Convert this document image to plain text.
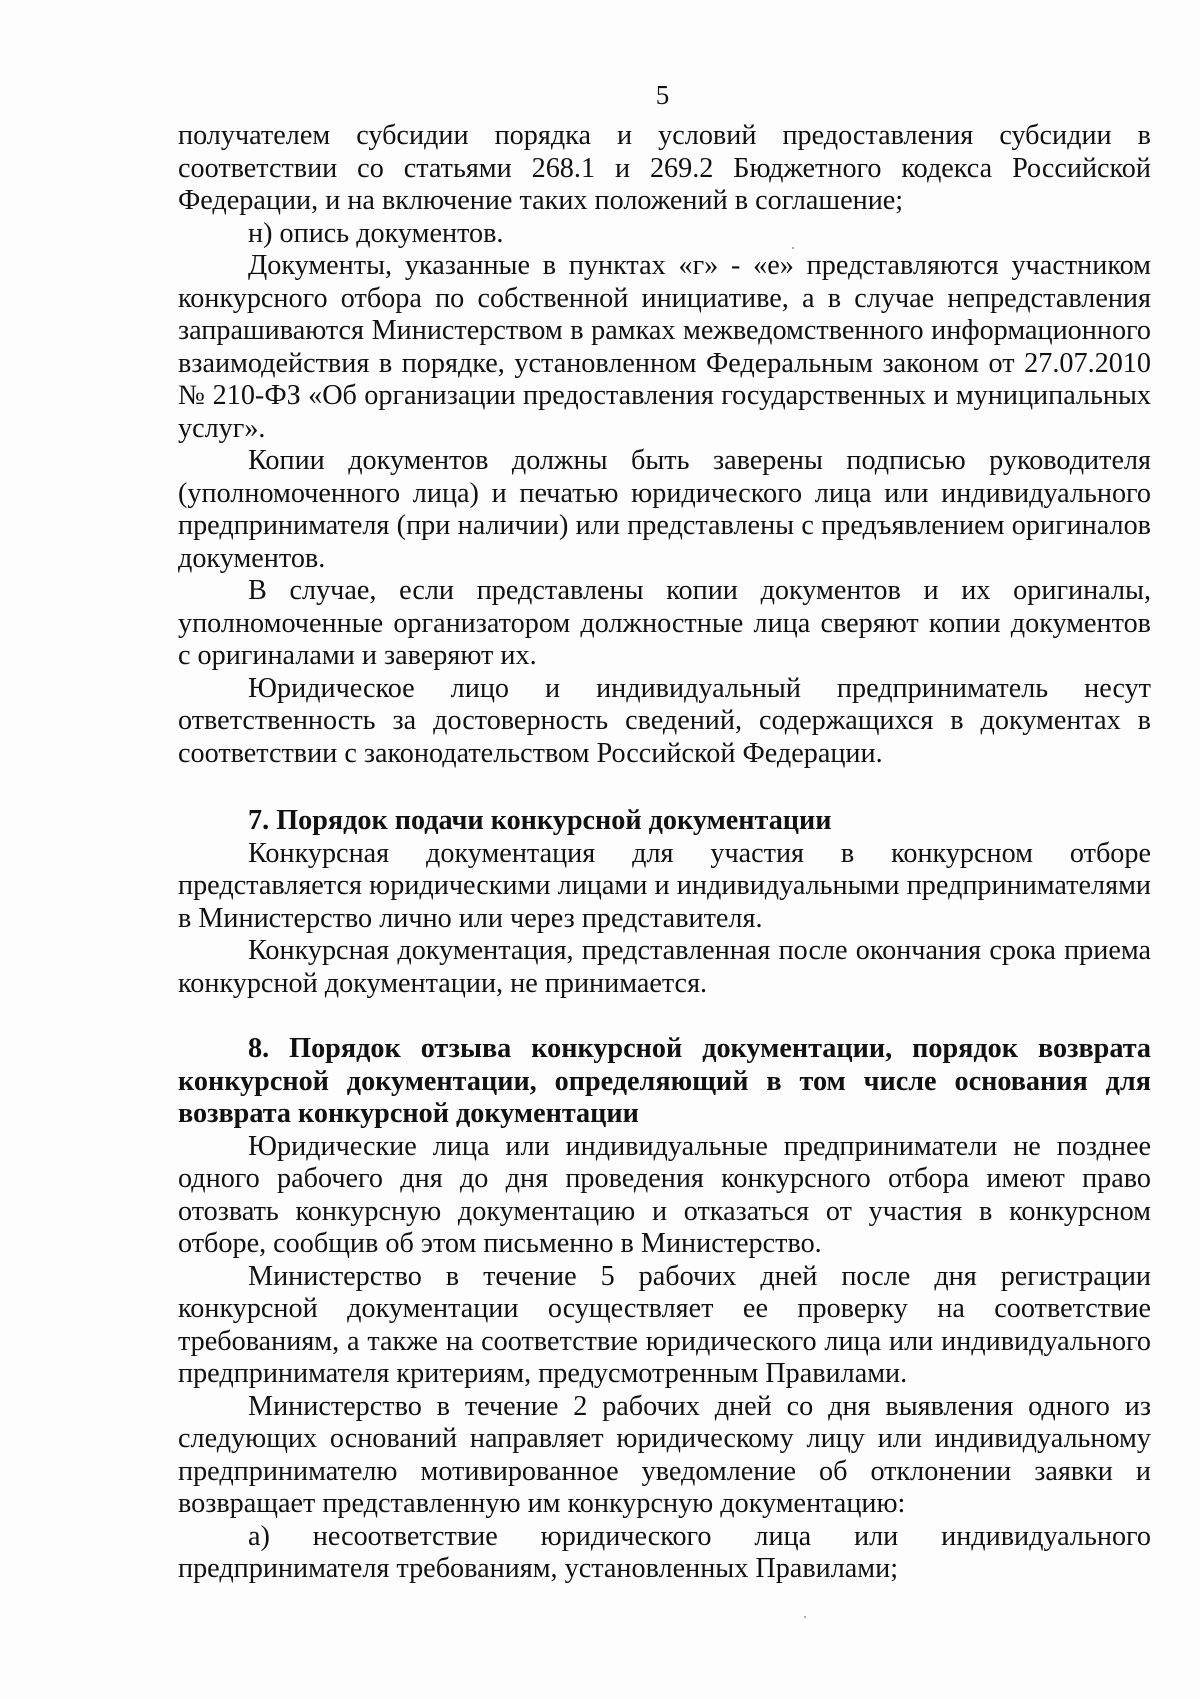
5

получателем субсидии порядка и условий предоставления субсидии в соответствии со статьями 268.1 и 269.2 Бюджетного кодекса Российской Федерации, и на включение таких положений в соглашение;

н) опись документов.

Документы, указанные в пунктах «г» - «е» представляются участником конкурсного отбора по собственной инициативе, а в случае непредставления запрашиваются Министерством в рамках межведомственного информационного взаимодействия в порядке, установленном Федеральным законом от 27.07.2010 № 210-ФЗ «Об организации предоставления государственных и муниципальных услуг».

Копии документов должны быть заверены подписью руководителя (уполномоченного лица) и печатью юридического лица или индивидуального предпринимателя (при наличии) или представлены с предъявлением оригиналов документов.

В случае, если представлены копии документов и их оригиналы, уполномоченные организатором должностные лица сверяют копии документов с оригиналами и заверяют их.

Юридическое лицо и индивидуальный предприниматель несут ответственность за достоверность сведений, содержащихся в документах в соответствии с законодательством Российской Федерации.

7. Порядок подачи конкурсной документации

Конкурсная документация для участия в конкурсном отборе представляется юридическими лицами и индивидуальными предпринимателями в Министерство лично или через представителя.

Конкурсная документация, представленная после окончания срока приема конкурсной документации, не принимается.

8. Порядок отзыва конкурсной документации, порядок возврата конкурсной документации, определяющий в том числе основания для возврата конкурсной документации

Юридические лица или индивидуальные предприниматели не позднее одного рабочего дня до дня проведения конкурсного отбора имеют право отозвать конкурсную документацию и отказаться от участия в конкурсном отборе, сообщив об этом письменно в Министерство.

Министерство в течение 5 рабочих дней после дня регистрации конкурсной документации осуществляет ее проверку на соответствие требованиям, а также на соответствие юридического лица или индивидуального предпринимателя критериям, предусмотренным Правилами.

Министерство в течение 2 рабочих дней со дня выявления одного из следующих оснований направляет юридическому лицу или индивидуальному предпринимателю мотивированное уведомление об отклонении заявки и возвращает представленную им конкурсную документацию:

а) несоответствие юридического лица или индивидуального предпринимателя требованиям, установленных Правилами;
